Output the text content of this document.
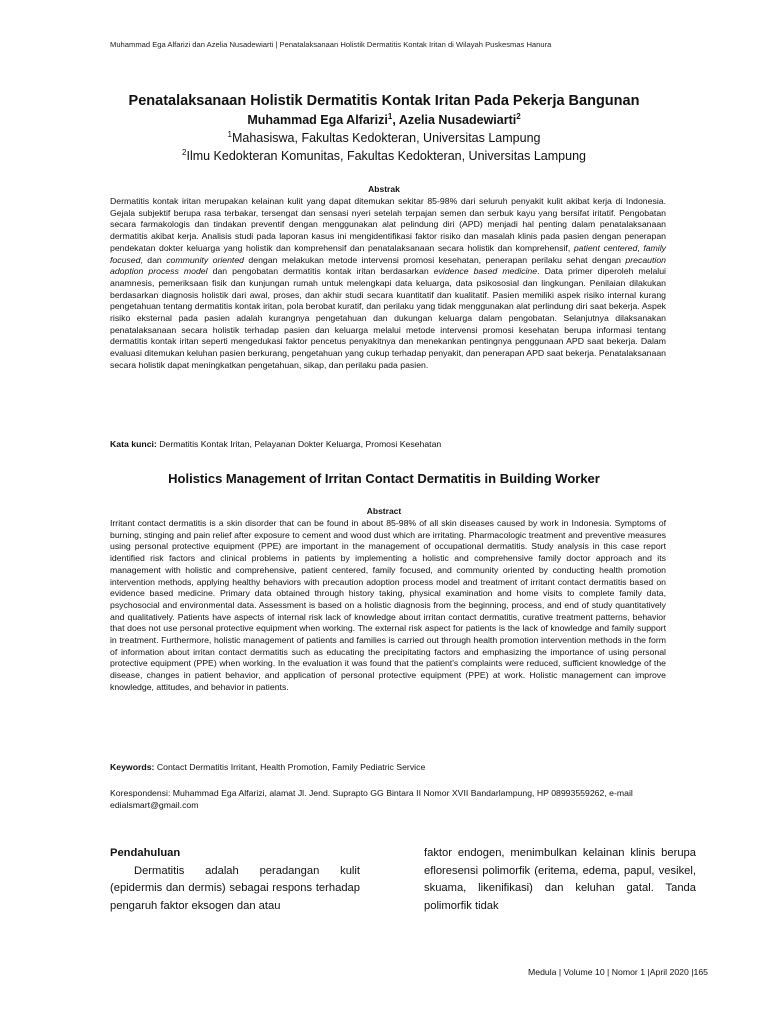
Muhammad Ega Alfarizi dan Azelia Nusadewiarti | Penatalaksanaan Holistik Dermatitis Kontak Iritan di Wilayah Puskesmas Hanura
Penatalaksanaan Holistik Dermatitis Kontak Iritan Pada Pekerja Bangunan
Muhammad Ega Alfarizi$^1$, Azelia Nusadewiarti$^2$
$^1$Mahasiswa, Fakultas Kedokteran, Universitas Lampung
$^2$Ilmu Kedokteran Komunitas, Fakultas Kedokteran, Universitas Lampung
Abstrak

Dermatitis kontak iritan merupakan kelainan kulit yang dapat ditemukan sekitar 85-98% dari seluruh penyakit kulit akibat kerja di Indonesia. Gejala subjektif berupa rasa terbakar, tersengat dan sensasi nyeri setelah terpajan semen dan serbuk kayu yang bersifat iritatif. Pengobatan secara farmakologis dan tindakan preventif dengan menggunakan alat pelindung diri (APD) menjadi hal penting dalam penatalaksanaan dermatitis akibat kerja. Analisis studi pada laporan kasus ini mengidentifikasi faktor risiko dan masalah klinis pada pasien dengan penerapan pendekatan dokter keluarga yang holistik dan komprehensif dan penatalaksanaan secara holistik dan komprehensif, patient centered, family focused, dan community oriented dengan melakukan metode intervensi promosi kesehatan, penerapan perilaku sehat dengan precaution adoption process model dan pengobatan dermatitis kontak iritan berdasarkan evidence based medicine. Data primer diperoleh melalui anamnesis, pemeriksaan fisik dan kunjungan rumah untuk melengkapi data keluarga, data psikososial dan lingkungan. Penilaian dilakukan berdasarkan diagnosis holistik dari awal, proses, dan akhir studi secara kuantitatif dan kualitatif. Pasien memiliki aspek risiko internal kurang pengetahuan tentang dermatitis kontak iritan, pola berobat kuratif, dan perilaku yang tidak menggunakan alat perlindung diri saat bekerja. Aspek risiko eksternal pada pasien adalah kurangnya pengetahuan dan dukungan keluarga dalam pengobatan. Selanjutnya dilaksanakan penatalaksanaan secara holistik terhadap pasien dan keluarga melalui metode intervensi promosi kesehatan berupa informasi tentang dermatitis kontak iritan seperti mengedukasi faktor pencetus penyakitnya dan menekankan pentingnya penggunaan APD saat bekerja. Dalam evaluasi ditemukan keluhan pasien berkurang, pengetahuan yang cukup terhadap penyakit, dan penerapan APD saat bekerja. Penatalaksanaan secara holistik dapat meningkatkan pengetahuan, sikap, dan perilaku pada pasien.

Kata kunci: Dermatitis Kontak Iritan, Pelayanan Dokter Keluarga, Promosi Kesehatan
Holistics Management of Irritan Contact Dermatitis in Building Worker
Abstract

Irritant contact dermatitis is a skin disorder that can be found in about 85-98% of all skin diseases caused by work in Indonesia. Symptoms of burning, stinging and pain relief after exposure to cement and wood dust which are irritating. Pharmacologic treatment and preventive measures using personal protective equipment (PPE) are important in the management of occupational dermatitis. Study analysis in this case report identified risk factors and clinical problems in patients by implementing a holistic and comprehensive family doctor approach and its management with holistic and comprehensive, patient centered, family focused, and community oriented by conducting health promotion intervention methods, applying healthy behaviors with precaution adoption process model and treatment of irritant contact dermatitis based on evidence based medicine. Primary data obtained through history taking, physical examination and home visits to complete family data, psychosocial and environmental data. Assessment is based on a holistic diagnosis from the beginning, process, and end of study quantitatively and qualitatively. Patients have aspects of internal risk lack of knowledge about irritan contact dermatitis, curative treatment patterns, behavior that does not use personal protective equipment when working. The external risk aspect for patients is the lack of knowledge and family support in treatment. Furthermore, holistic management of patients and families is carried out through health promotion intervention methods in the form of information about irritan contact dermatitis such as educating the precipitating factors and emphasizing the importance of using personal protective equipment (PPE) when working. In the evaluation it was found that the patient's complaints were reduced, sufficient knowledge of the disease, changes in patient behavior, and application of personal protective equipment (PPE) at work. Holistic management can improve knowledge, attitudes, and behavior in patients.

Keywords: Contact Dermatitis Irritant, Health Promotion, Family Pediatric Service
Korespondensi: Muhammad Ega Alfarizi, alamat Jl. Jend. Suprapto GG Bintara II Nomor XVII Bandarlampung, HP 08993559262, e-mail edialsmart@gmail.com

Pendahuluan

Dermatitis adalah peradangan kulit (epidermis dan dermis) sebagai respons terhadap pengaruh faktor eksogen dan atau

faktor endogen, menimbulkan kelainan klinis berupa efloresensi polimorfik (eritema, edema, papul, vesikel, skuama, likenifikasi) dan keluhan gatal. Tanda polimorfik tidak

Medula | Volume 10 | Nomor 1 |April 2020 |165
